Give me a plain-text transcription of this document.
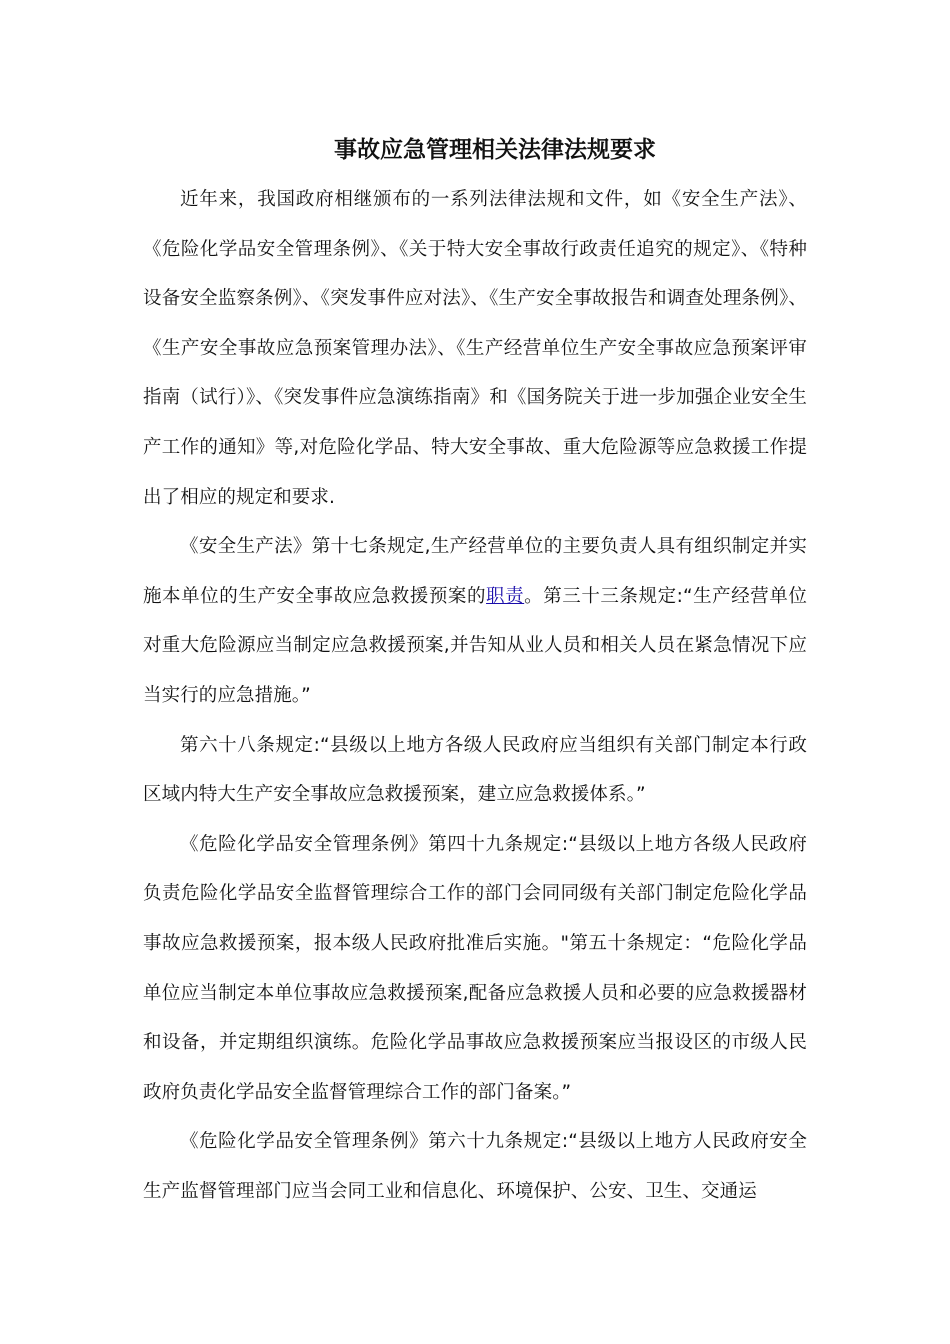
事故应急管理相关法律法规要求

近年来，我国政府相继颁布的一系列法律法规和文件，如《安全生产法》、《危险化学品安全管理条例》、《关于特大安全事故行政责任追究的规定》、《特种设备安全监察条例》、《突发事件应对法》、《生产安全事故报告和调查处理条例》、《生产安全事故应急预案管理办法》、《生产经营单位生产安全事故应急预案评审指南（试行）》、《突发事件应急演练指南》和《国务院关于进一步加强企业安全生产工作的通知》等,对危险化学品、特大安全事故、重大危险源等应急救援工作提出了相应的规定和要求.

《安全生产法》第十七条规定,生产经营单位的主要负责人具有组织制定并实施本单位的生产安全事故应急救援预案的职责。第三十三条规定:“生产经营单位对重大危险源应当制定应急救援预案,并告知从业人员和相关人员在紧急情况下应当实行的应急措施。”

第六十八条规定:“县级以上地方各级人民政府应当组织有关部门制定本行政区域内特大生产安全事故应急救援预案，建立应急救援体系。”

《危险化学品安全管理条例》第四十九条规定:“县级以上地方各级人民政府负责危险化学品安全监督管理综合工作的部门会同同级有关部门制定危险化学品事故应急救援预案，报本级人民政府批准后实施。"第五十条规定：“危险化学品单位应当制定本单位事故应急救援预案,配备应急救援人员和必要的应急救援器材和设备，并定期组织演练。危险化学品事故应急救援预案应当报设区的市级人民政府负责化学品安全监督管理综合工作的部门备案。”

《危险化学品安全管理条例》第六十九条规定:“县级以上地方人民政府安全生产监督管理部门应当会同工业和信息化、环境保护、公安、卫生、交通运
